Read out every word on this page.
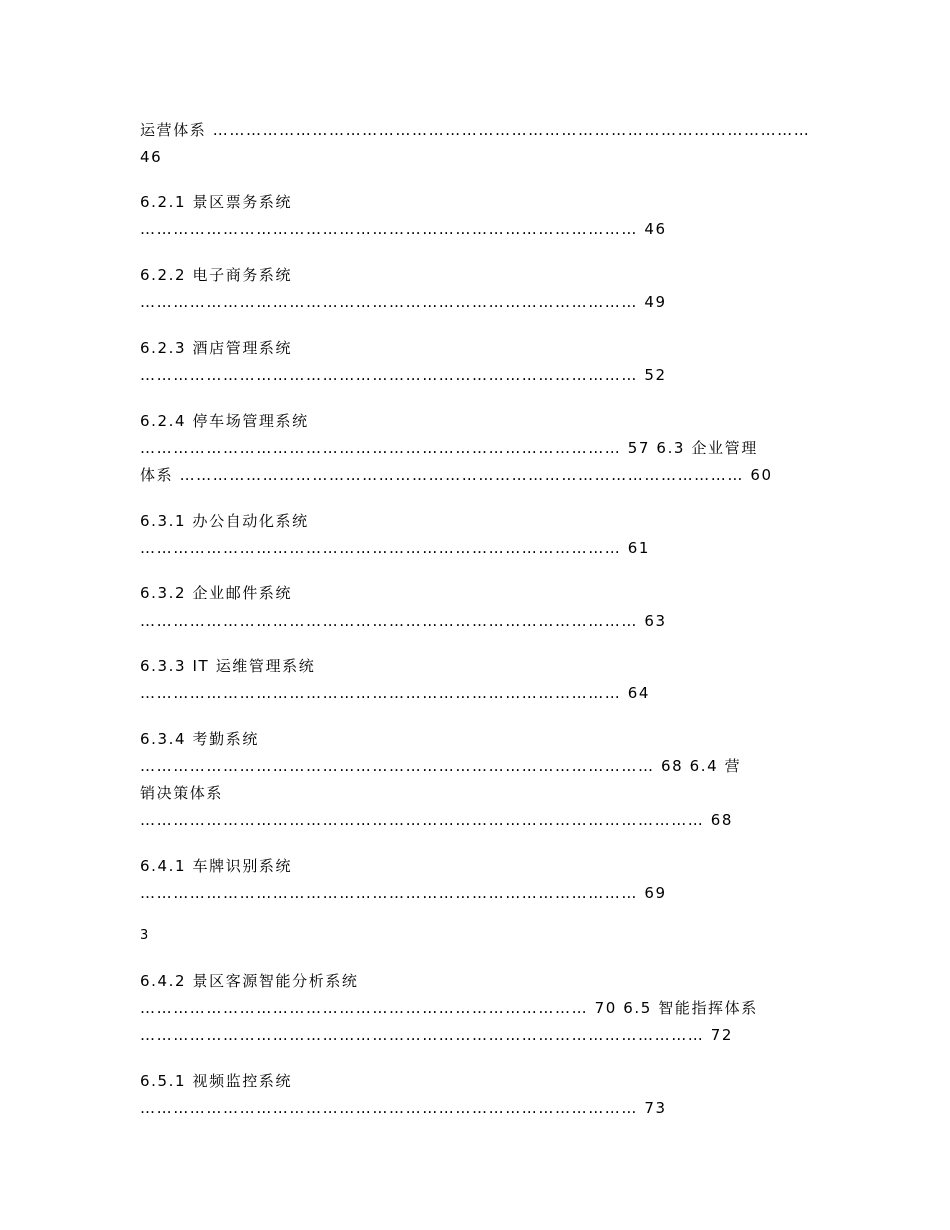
运营体系 ………………………………………………………………………………………………
46
6.2.1 景区票务系统
……………………………………………………………………………… 46
6.2.2 电子商务系统
……………………………………………………………………………… 49
6.2.3 酒店管理系统
……………………………………………………………………………… 52
6.2.4 停车场管理系统
…………………………………………………………………………… 57 6.3 企业管理
体系 ………………………………………………………………………………………… 60
6.3.1 办公自动化系统
…………………………………………………………………………… 61
6.3.2 企业邮件系统
……………………………………………………………………………… 63
6.3.3 IT 运维管理系统
…………………………………………………………………………… 64
6.3.4 考勤系统
………………………………………………………………………………… 68 6.4 营
销决策体系
………………………………………………………………………………………… 68
6.4.1 车牌识别系统
……………………………………………………………………………… 69
3
6.4.2 景区客源智能分析系统
……………………………………………………………………… 70 6.5 智能指挥体系
………………………………………………………………………………………… 72
6.5.1 视频监控系统
……………………………………………………………………………… 73
